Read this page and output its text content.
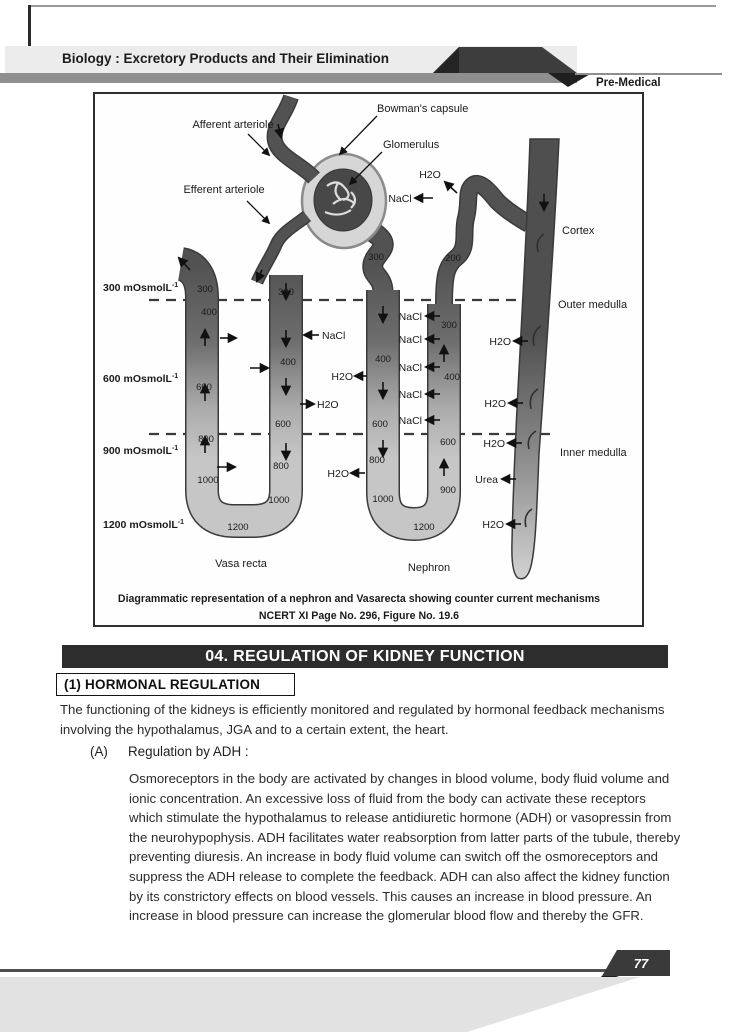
Biology : Excretory Products and Their Elimination
Pre-Medical
Afferent arteriole
Bowman's capsule
Glomerulus
Efferent arteriole
Cortex
Outer medulla
Inner medulla
300 mOsmolL$^{-1}$
600 mOsmolL$^{-1}$
900 mOsmolL$^{-1}$
1200 mOsmolL$^{-1}$
H2O
NaCl
NaCl
H2O
H2O
H2O
NaCl
NaCl
NaCl
NaCl
NaCl
H2O
H2O
H2O
H2O
Urea
300
400
600
800
1000
1200
300
400
600
800
1000
300
400
600
800
1000
1200
300
400
600
900
200
Vasa recta	Nephron
Diagrammatic representation of a nephron and Vasarecta showing counter current mechanisms
NCERT XI Page No. 296, Figure No. 19.6
04. REGULATION OF KIDNEY FUNCTION
(1) HORMONAL REGULATION
The functioning of the kidneys is efficiently monitored and regulated by hormonal feedback mechanisms involving the hypothalamus, JGA and to a certain extent, the heart.
(A) Regulation by ADH :
Osmoreceptors in the body are activated by changes in blood volume, body fluid volume and ionic concentration. An excessive loss of fluid from the body can activate these receptors which stimulate the hypothalamus to release antidiuretic hormone (ADH) or vasopressin from the neurohypophysis. ADH facilitates water reabsorption from latter parts of the tubule, thereby preventing diuresis. An increase in body fluid volume can switch off the osmoreceptors and suppress the ADH release to complete the feedback. ADH can also affect the kidney function by its constrictory effects on blood vessels. This causes an increase in blood pressure. An increase in blood pressure can increase the glomerular blood flow and thereby the GFR.
77
